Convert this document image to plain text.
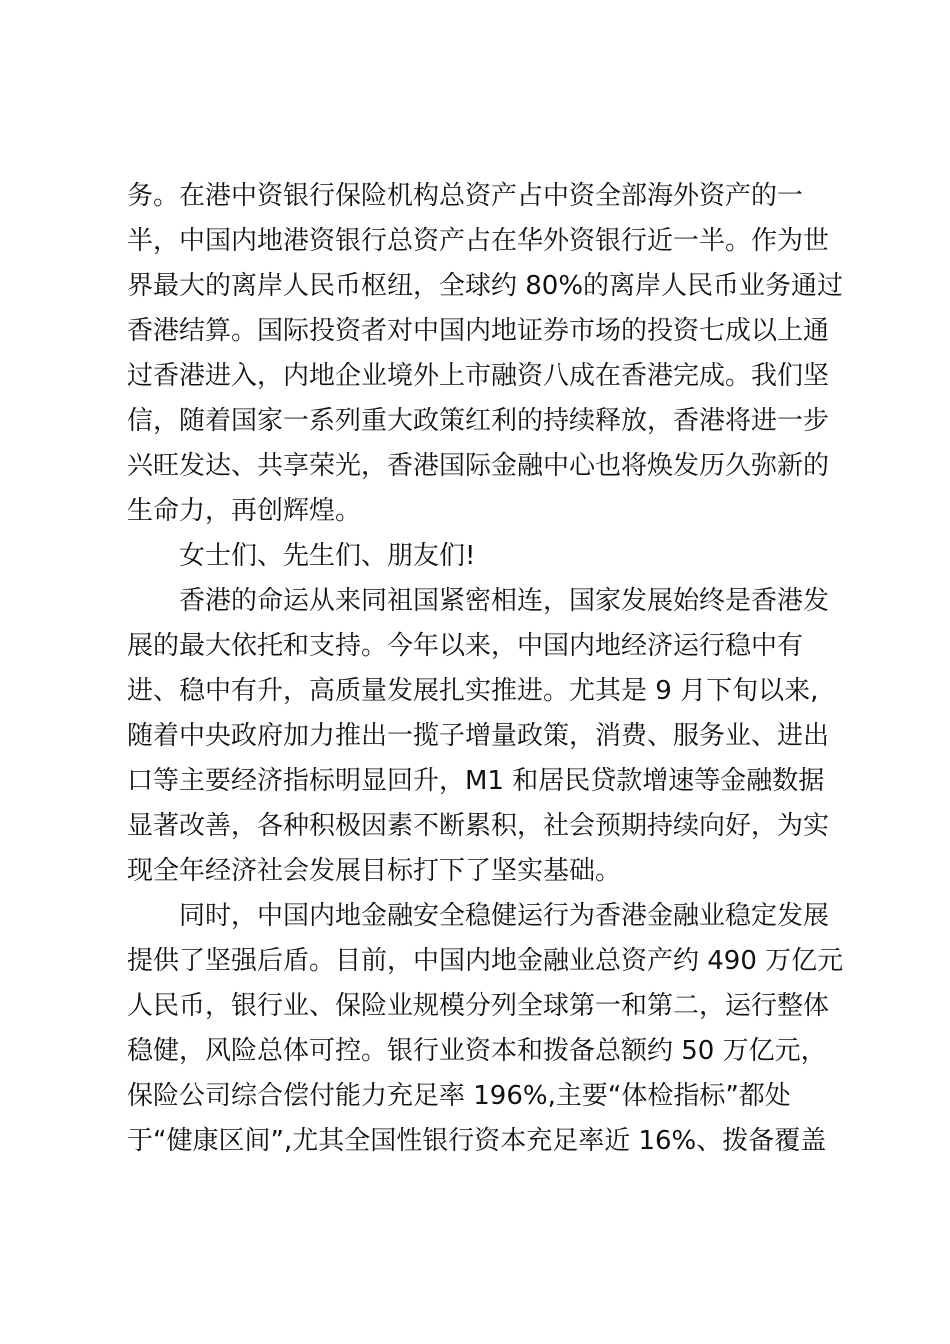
务。在港中资银行保险机构总资产占中资全部海外资产的一
半，中国内地港资银行总资产占在华外资银行近一半。作为世
界最大的离岸人民币枢纽，全球约 80%的离岸人民币业务通过
香港结算。国际投资者对中国内地证券市场的投资七成以上通
过香港进入，内地企业境外上市融资八成在香港完成。我们坚
信，随着国家一系列重大政策红利的持续释放，香港将进一步
兴旺发达、共享荣光，香港国际金融中心也将焕发历久弥新的
生命力，再创辉煌。
女士们、先生们、朋友们!
香港的命运从来同祖国紧密相连，国家发展始终是香港发
展的最大依托和支持。今年以来，中国内地经济运行稳中有
进、稳中有升，高质量发展扎实推进。尤其是 9 月下旬以来,
随着中央政府加力推出一揽子增量政策，消费、服务业、进出
口等主要经济指标明显回升，M1 和居民贷款增速等金融数据
显著改善，各种积极因素不断累积，社会预期持续向好，为实
现全年经济社会发展目标打下了坚实基础。
同时，中国内地金融安全稳健运行为香港金融业稳定发展
提供了坚强后盾。目前，中国内地金融业总资产约 490 万亿元
人民币，银行业、保险业规模分列全球第一和第二，运行整体
稳健，风险总体可控。银行业资本和拨备总额约 50 万亿元，
保险公司综合偿付能力充足率 196%,主要“体检指标”都处
于“健康区间”,尤其全国性银行资本充足率近 16%、拨备覆盖
